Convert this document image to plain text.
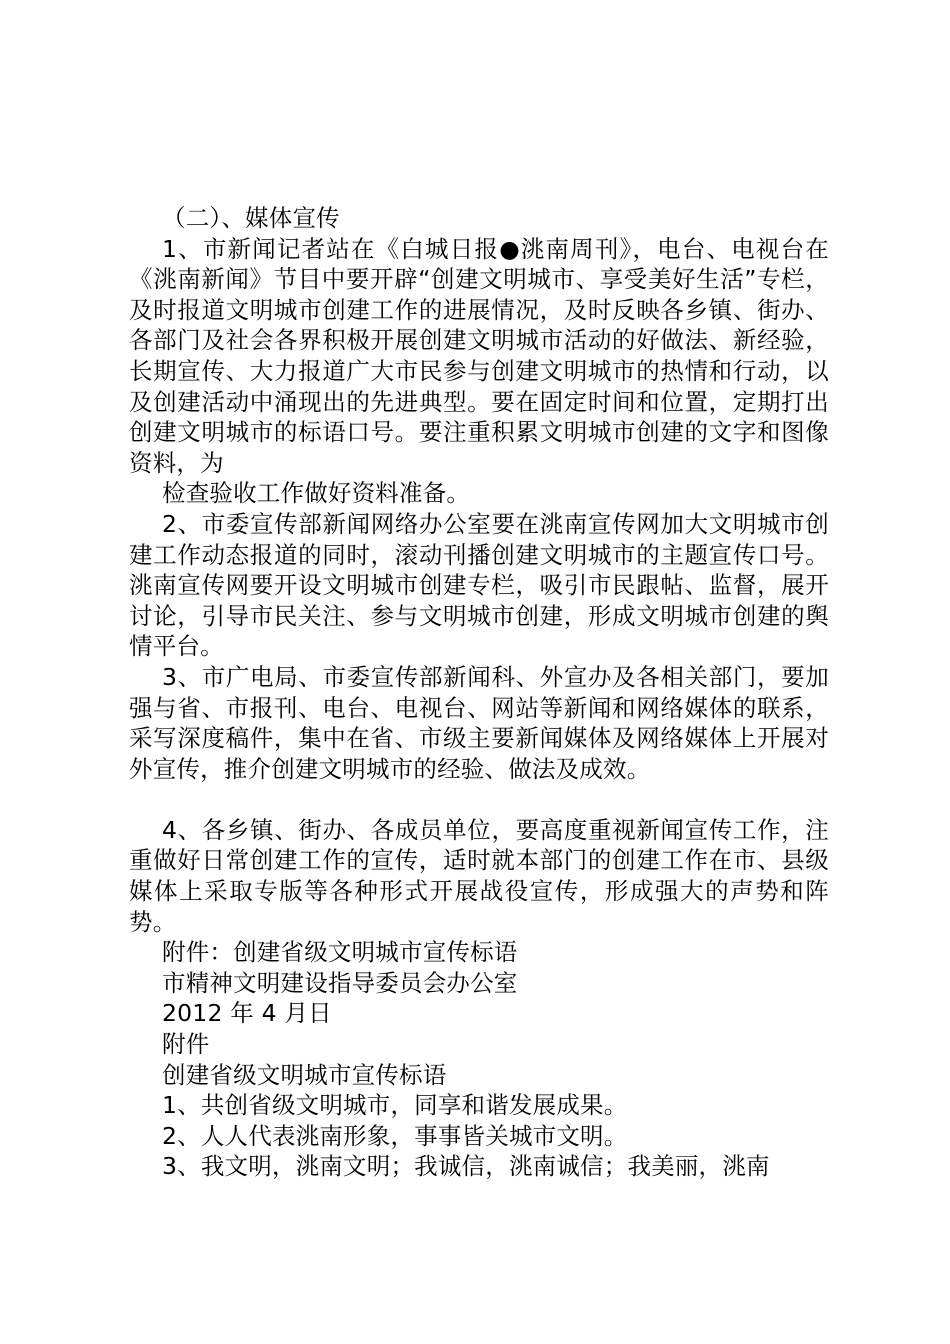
（二）、媒体宣传

1、市新闻记者站在《白城日报●洮南周刊》，电台、电视台在《洮南新闻》节目中要开辟“创建文明城市、享受美好生活”专栏，及时报道文明城市创建工作的进展情况，及时反映各乡镇、街办、各部门及社会各界积极开展创建文明城市活动的好做法、新经验，长期宣传、大力报道广大市民参与创建文明城市的热情和行动，以及创建活动中涌现出的先进典型。要在固定时间和位置，定期打出创建文明城市的标语口号。要注重积累文明城市创建的文字和图像资料，为

检查验收工作做好资料准备。

2、市委宣传部新闻网络办公室要在洮南宣传网加大文明城市创建工作动态报道的同时，滚动刊播创建文明城市的主题宣传口号。洮南宣传网要开设文明城市创建专栏，吸引市民跟帖、监督，展开讨论，引导市民关注、参与文明城市创建，形成文明城市创建的舆情平台。

3、市广电局、市委宣传部新闻科、外宣办及各相关部门，要加强与省、市报刊、电台、电视台、网站等新闻和网络媒体的联系，采写深度稿件，集中在省、市级主要新闻媒体及网络媒体上开展对外宣传，推介创建文明城市的经验、做法及成效。

4、各乡镇、街办、各成员单位，要高度重视新闻宣传工作，注重做好日常创建工作的宣传，适时就本部门的创建工作在市、县级媒体上采取专版等各种形式开展战役宣传，形成强大的声势和阵势。

附件：创建省级文明城市宣传标语

市精神文明建设指导委员会办公室

2012 年 4 月日

附件

创建省级文明城市宣传标语

1、共创省级文明城市，同享和谐发展成果。

2、人人代表洮南形象，事事皆关城市文明。

3、我文明，洮南文明；我诚信，洮南诚信；我美丽，洮南
